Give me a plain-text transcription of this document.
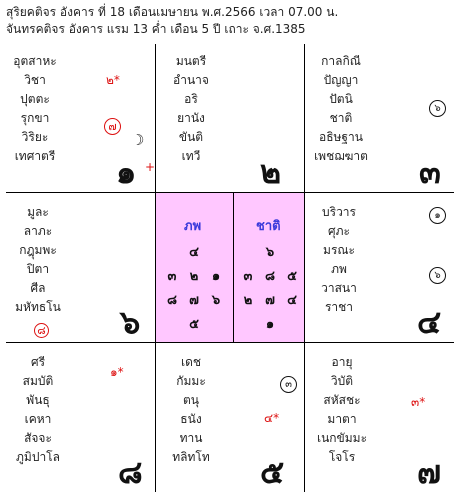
สุริยคติจร อังคาร ที่ 18 เดือนเมษายน พ.ศ.2566 เวลา 07.00 น.
จันทรคติจร อังคาร แรม 13 ค่ำ เดือน 5 ปี เถาะ จ.ศ.1385
อุตสาหะ
วิชา
ปุตตะ
รุกขา
วิริยะ
เทศาตรี
๒*
๗
☽
๑ +
มนตรี
อำนาจ
อริ
ยานัง
ขันติ
เทวี ๒
กาลกิณี
ปัญญา
ปัตนิ
ชาติ
อธิษฐาน
เพชฌฆาต
๖
๓
มูละ
ลาภะ
กฎุมพะ
ปิตา
ศีล
มหัทธโน
๘ ๖
ภพ
๔
๓ ๒ ๑
๘ ๗ ๖
๕
ชาติ
๖
๓ ๘ ๕
๒ ๗ ๔
๑
บริวาร
ศุภะ
มรณะ
ภพ
วาสนา
ราชา
๑
๖
๔
ศรี
สมบัติ
พันธุ
เคหา
สัจจะ
ภูมิปาโล
๑*
๘
เดช
กัมมะ
ตนุ
ธนัง
ทาน
ทลิทโท
๓
๔*
๕
อายุ
วิบัติ
สหัสชะ
มาตา
เนกขัมมะ
โจโร
๓*
๗
